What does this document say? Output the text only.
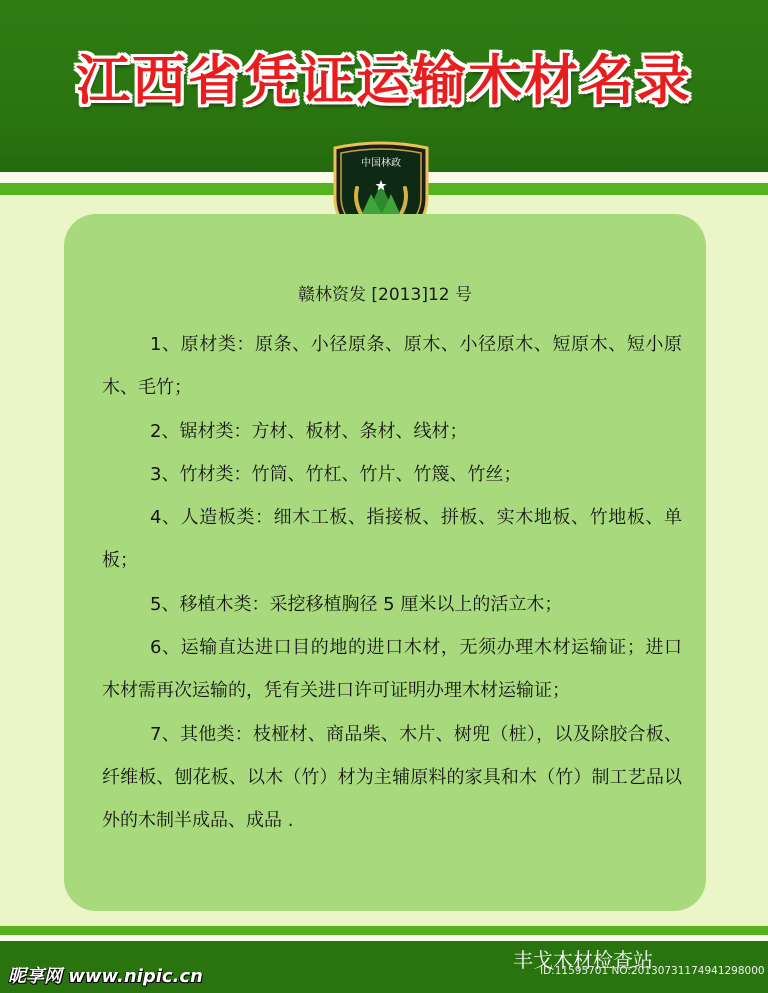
江西省凭证运输木材名录
中国林政
赣林资发 [2013]12 号

1、原材类：原条、小径原条、原木、小径原木、短原木、短小原木、毛竹；

2、锯材类：方材、板材、条材、线材；

3、竹材类：竹筒、竹杠、竹片、竹篾、竹丝；

4、人造板类：细木工板、指接板、拼板、实木地板、竹地板、单板；

5、移植木类：采挖移植胸径 5 厘米以上的活立木；

6、运输直达进口目的地的进口木材，无须办理木材运输证；进口木材需再次运输的，凭有关进口许可证明办理木材运输证；

7、其他类：枝桠材、商品柴、木片、树兜（桩），以及除胶合板、纤维板、刨花板、以木（竹）材为主辅原料的家具和木（竹）制工艺品以外的木制半成品、成品 .

丰戈木材检查站
昵享网 www.nipic.cn	ID:11595701 NO:20130731174941298000
